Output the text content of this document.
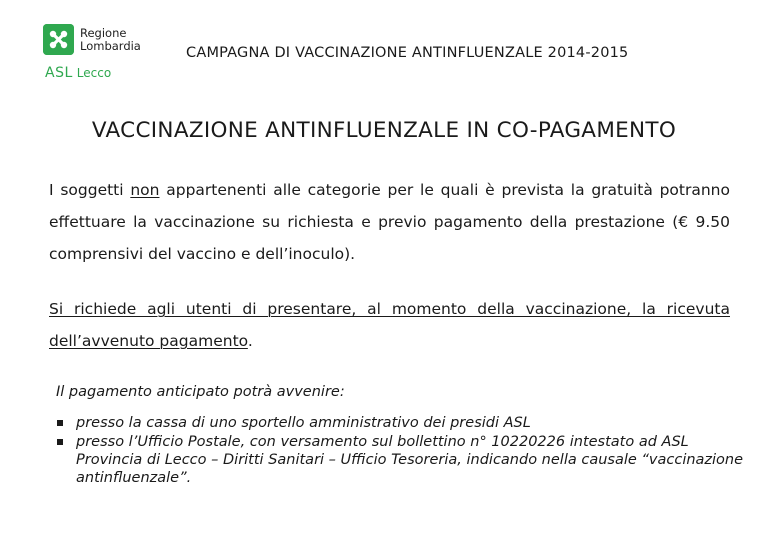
Regione
Lombardia
ASL Lecco
CAMPAGNA DI VACCINAZIONE ANTINFLUENZALE 2014-2015
VACCINAZIONE ANTINFLUENZALE IN CO-PAGAMENTO
I soggetti non appartenenti alle categorie per le quali è prevista la gratuità potranno effettuare la vaccinazione su richiesta e previo pagamento della prestazione (€ 9.50 comprensivi del vaccino e dell’inoculo).
Si richiede agli utenti di presentare, al momento della vaccinazione, la ricevuta dell’avvenuto pagamento.
Il pagamento anticipato potrà avvenire:
presso la cassa di uno sportello amministrativo dei presidi ASL
presso l’Ufficio Postale, con versamento sul bollettino n° 10220226 intestato ad ASL Provincia di Lecco – Diritti Sanitari – Ufficio Tesoreria, indicando nella causale “vaccinazione antinfluenzale”.
